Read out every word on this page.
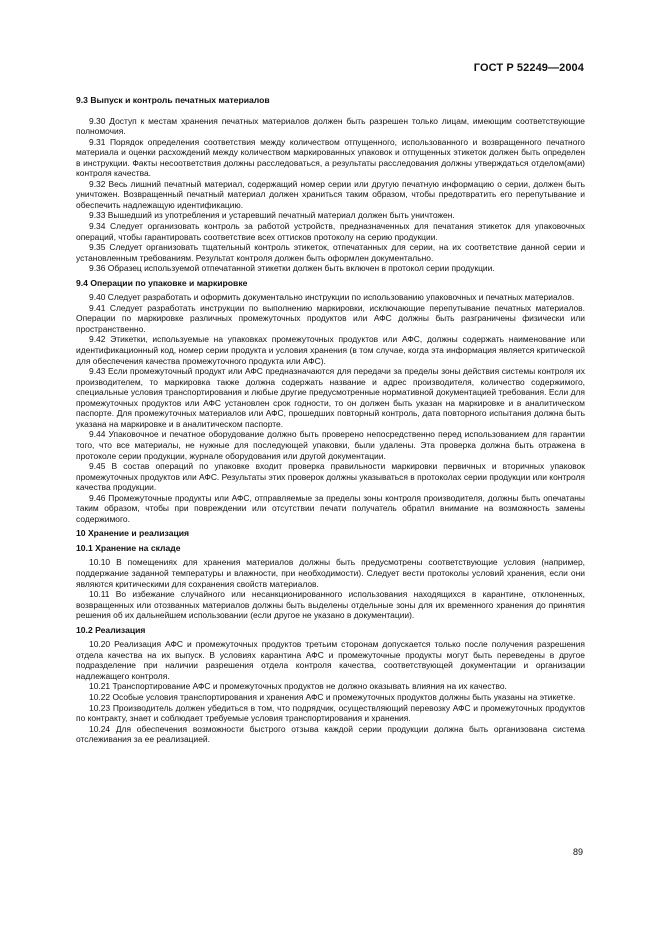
ГОСТ Р 52249—2004
9.3 Выпуск и контроль печатных материалов

9.30 Доступ к местам хранения печатных материалов должен быть разрешен только лицам, имеющим соответствующие полномочия.

9.31 Порядок определения соответствия между количеством отпущенного, использованного и возвращенного печатного материала и оценки расхождений между количеством маркированных упаковок и отпущенных этикеток должен быть определен в инструкции. Факты несоответствия должны расследоваться, а результаты расследования должны утверждаться отделом(ами) контроля качества.

9.32 Весь лишний печатный материал, содержащий номер серии или другую печатную информацию о серии, должен быть уничтожен. Возвращенный печатный материал должен храниться таким образом, чтобы предотвратить его перепутывание и обеспечить надлежащую идентификацию.

9.33 Вышедший из употребления и устаревший печатный материал должен быть уничтожен.

9.34 Следует организовать контроль за работой устройств, предназначенных для печатания этикеток для упаковочных операций, чтобы гарантировать соответствие всех оттисков протоколу на серию продукции.

9.35 Следует организовать тщательный контроль этикеток, отпечатанных для серии, на их соответствие данной серии и установленным требованиям. Результат контроля должен быть оформлен документально.

9.36 Образец используемой отпечатанной этикетки должен быть включен в протокол серии продукции.

9.4 Операции по упаковке и маркировке

9.40 Следует разработать и оформить документально инструкции по использованию упаковочных и печатных материалов.

9.41 Следует разработать инструкции по выполнению маркировки, исключающие перепутывание печатных материалов. Операции по маркировке различных промежуточных продуктов или АФС должны быть разграничены физически или пространственно.

9.42 Этикетки, используемые на упаковках промежуточных продуктов или АФС, должны содержать наименование или идентификационный код, номер серии продукта и условия хранения (в том случае, когда эта информация является критической для обеспечения качества промежуточного продукта или АФС).

9.43 Если промежуточный продукт или АФС предназначаются для передачи за пределы зоны действия системы контроля их производителем, то маркировка также должна содержать название и адрес производителя, количество содержимого, специальные условия транспортирования и любые другие предусмотренные нормативной документацией требования. Если для промежуточных продуктов или АФС установлен срок годности, то он должен быть указан на маркировке и в аналитическом паспорте. Для промежуточных материалов или АФС, прошедших повторный контроль, дата повторного испытания должна быть указана на маркировке и в аналитическом паспорте.

9.44 Упаковочное и печатное оборудование должно быть проверено непосредственно перед использованием для гарантии того, что все материалы, не нужные для последующей упаковки, были удалены. Эта проверка должна быть отражена в протоколе серии продукции, журнале оборудования или другой документации.

9.45 В состав операций по упаковке входит проверка правильности маркировки первичных и вторичных упаковок промежуточных продуктов или АФС. Результаты этих проверок должны указываться в протоколах серии продукции или контроля качества продукции.

9.46 Промежуточные продукты или АФС, отправляемые за пределы зоны контроля производителя, должны быть опечатаны таким образом, чтобы при повреждении или отсутствии печати получатель обратил внимание на возможность замены содержимого.

10 Хранение и реализация
10.1 Хранение на складе

10.10 В помещениях для хранения материалов должны быть предусмотрены соответствующие условия (например, поддержание заданной температуры и влажности, при необходимости). Следует вести протоколы условий хранения, если они являются критическими для сохранения свойств материалов.

10.11 Во избежание случайного или несанкционированного использования находящихся в карантине, отклоненных, возвращенных или отозванных материалов должны быть выделены отдельные зоны для их временного хранения до принятия решения об их дальнейшем использовании (если другое не указано в документации).

10.2 Реализация

10.20 Реализация АФС и промежуточных продуктов третьим сторонам допускается только после получения разрешения отдела качества на их выпуск. В условиях карантина АФС и промежуточные продукты могут быть переведены в другое подразделение при наличии разрешения отдела контроля качества, соответствующей документации и организации надлежащего контроля.

10.21 Транспортирование АФС и промежуточных продуктов не должно оказывать влияния на их качество.

10.22 Особые условия транспортирования и хранения АФС и промежуточных продуктов должны быть указаны на этикетке.

10.23 Производитель должен убедиться в том, что подрядчик, осуществляющий перевозку АФС и промежуточных продуктов по контракту, знает и соблюдает требуемые условия транспортирования и хранения.

10.24 Для обеспечения возможности быстрого отзыва каждой серии продукции должна быть организована система отслеживания за ее реализацией.

89
